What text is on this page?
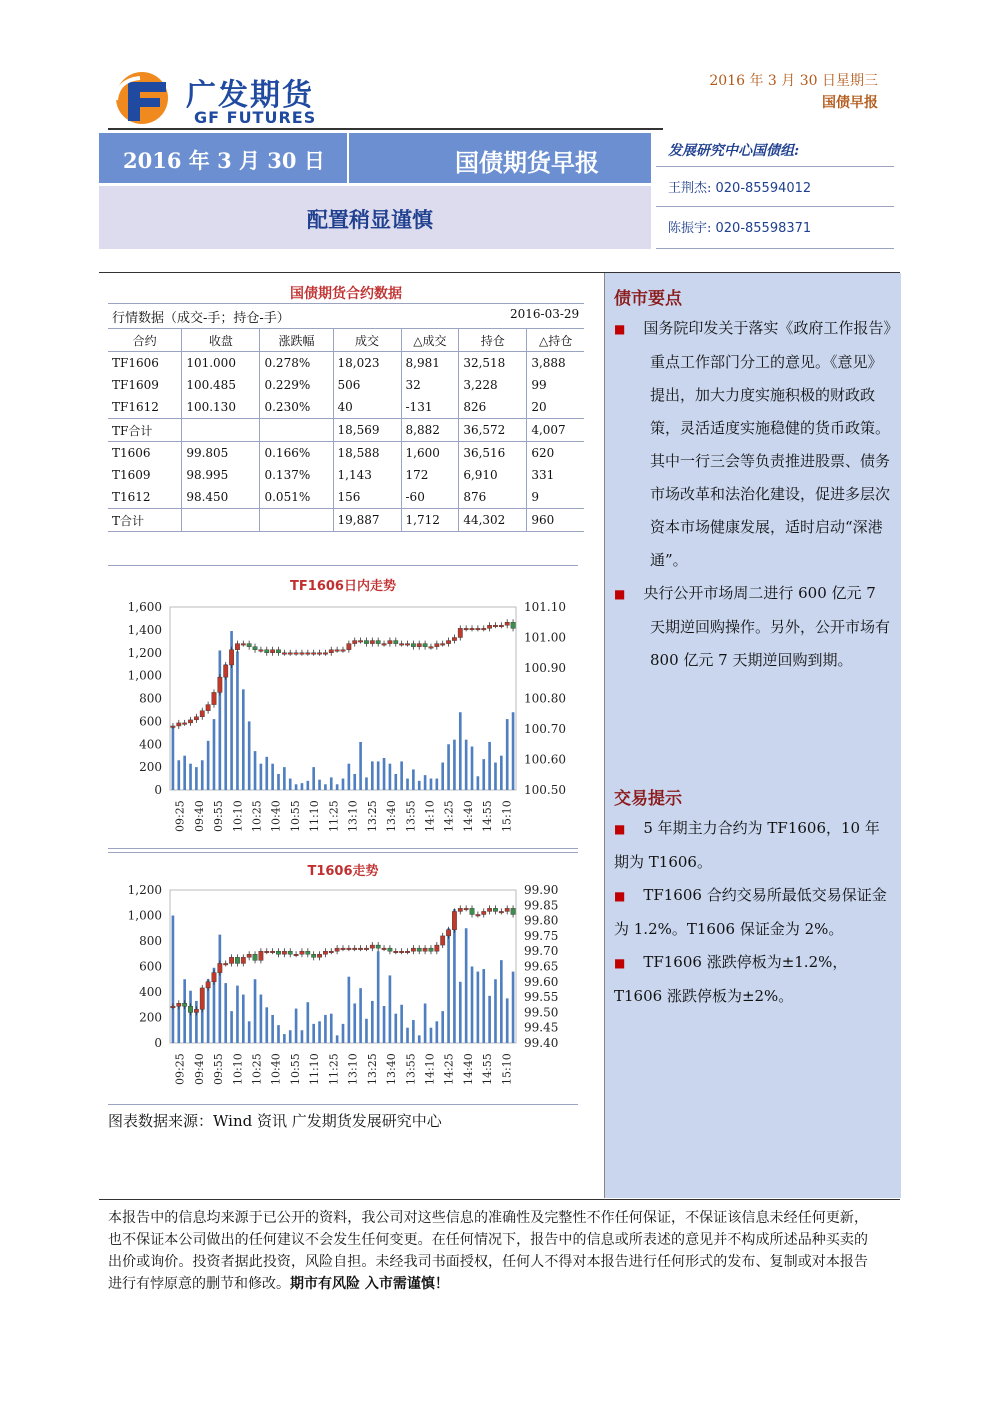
广发期货
GF FUTURES
2016 年 3 月 30 日星期三
国债早报
2016 年 3 月 30 日	国债期货早报
配置稍显谨慎
发展研究中心国债组:
王荆杰: 020-85594012
陈振宇: 020-85598371
国债期货合约数据
行情数据（成交-手；持仓-手）	2016-03-29
合约	收盘	涨跌幅	成交	△成交	持仓	△持仓
TF1606	101.000	0.278%	18,023	8,981	32,518	3,888
TF1609	100.485	0.229%	506	32	3,228	99
TF1612	100.130	0.230%	40	-131	826	20
TF合计			18,569	8,882	36,572	4,007
T1606	99.805	0.166%	18,588	1,600	36,516	620
T1609	98.995	0.137%	1,143	172	6,910	331
T1612	98.450	0.051%	156	-60	876	9
T合计			19,887	1,712	44,302	960
TF1606日内走势
1,600
1,400
1,200
1,000
800
600
400
200
0
101.10
101.00
100.90
100.80
100.70
100.60
100.50
09:25 09:40 09:55 10:10 10:25 10:40 10:55 11:10 11:25 13:10 13:25 13:40 13:55 14:10 14:25 14:40 14:55 15:10
T1606走势
1,200
1,000
800
600
400
200
0
99.90
99.85
99.80
99.75
99.70
99.65
99.60
99.55
99.50
99.45
99.40
09:25 09:40 09:55 10:10 10:25 10:40 10:55 11:10 11:25 13:10 13:25 13:40 13:55 14:10 14:25 14:40 14:55 15:10
图表数据来源：Wind 资讯 广发期货发展研究中心
债市要点
■ 国务院印发关于落实《政府工作报告》重点工作部门分工的意见。《意见》提出，加大力度实施积极的财政政策，灵活适度实施稳健的货币政策。其中一行三会等负责推进股票、债务市场改革和法治化建设，促进多层次资本市场健康发展，适时启动“深港通”。
■ 央行公开市场周二进行 600 亿元 7 天期逆回购操作。另外，公开市场有 800 亿元 7 天期逆回购到期。
交易提示
■ 5 年期主力合约为 TF1606，10 年期为 T1606。
■ TF1606 合约交易所最低交易保证金为 1.2%。T1606 保证金为 2%。
■ TF1606 涨跌停板为±1.2%，T1606 涨跌停板为±2%。
本报告中的信息均来源于已公开的资料，我公司对这些信息的准确性及完整性不作任何保证，不保证该信息未经任何更新，也不保证本公司做出的任何建议不会发生任何变更。在任何情况下，报告中的信息或所表述的意见并不构成所述品种买卖的出价或询价。投资者据此投资，风险自担。未经我司书面授权，任何人不得对本报告进行任何形式的发布、复制或对本报告进行有悖原意的删节和修改。期市有风险 入市需谨慎！
